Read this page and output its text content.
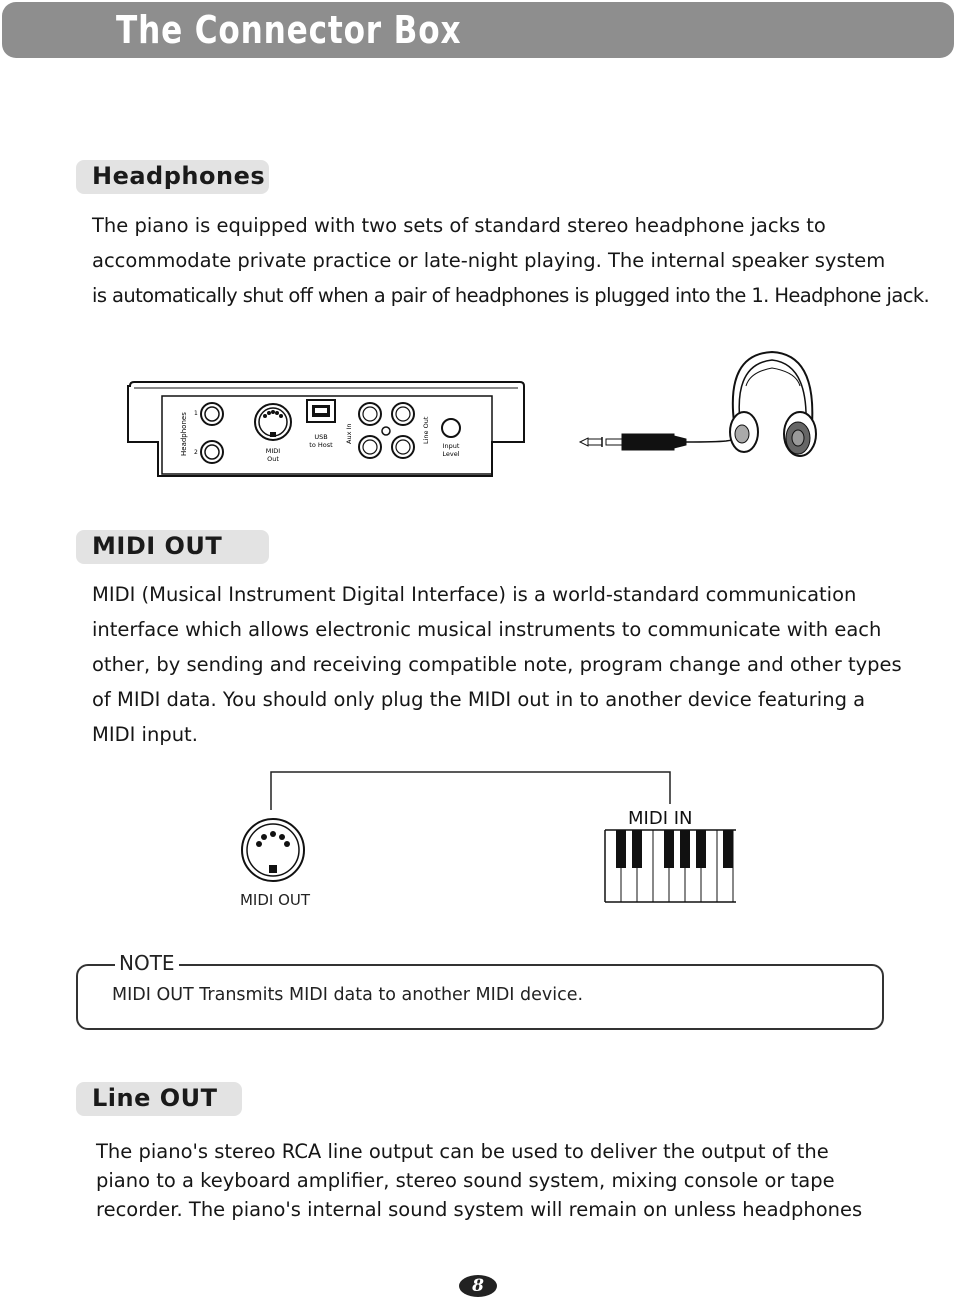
The Connector Box
Headphones

The piano is equipped with two sets of standard stereo headphone jacks to

accommodate private practice or late-night playing. The internal speaker system

is automatically shut off when a pair of headphones is plugged into the 1. Headphone jack.

Headphones 1
2	MIDI
Out
USB
to Host
Aux In	Line Out
Input
Level
MIDI OUT

MIDI (Musical Instrument Digital Interface) is a world-standard communication

interface which allows electronic musical instruments to communicate with each

other, by sending and receiving compatible note, program change and other types

of MIDI data. You should only plug the MIDI out in to another device featuring a

MIDI input.

MIDI OUT
MIDI IN
NOTE
MIDI OUT Transmits MIDI data to another MIDI device.
Line OUT

The piano's stereo RCA line output can be used to deliver the output of the

piano to a keyboard amplifier, stereo sound system, mixing console or tape

recorder. The piano's internal sound system will remain on unless headphones

8
